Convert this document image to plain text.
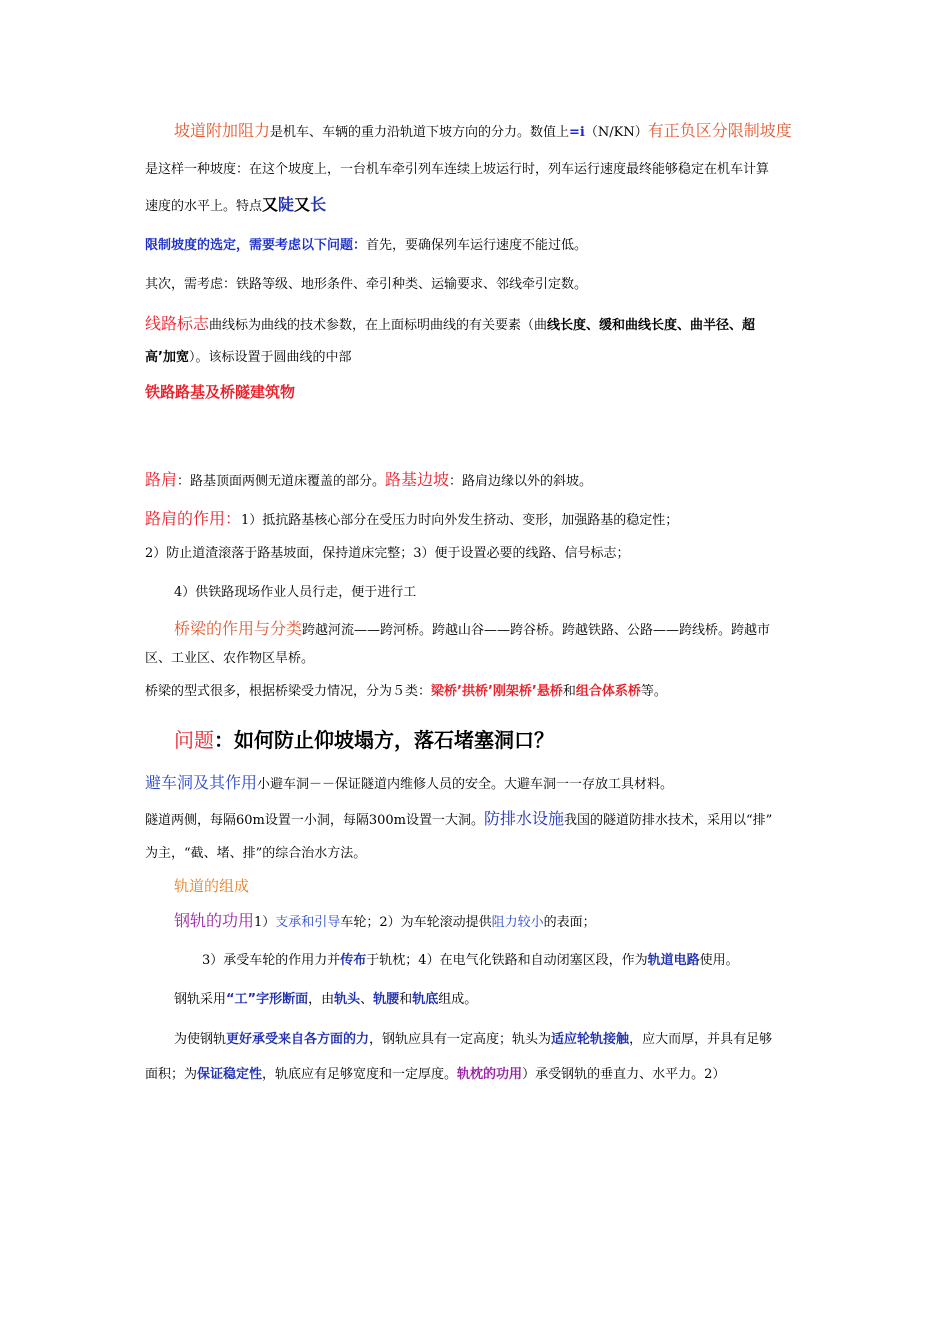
坡道附加阻力是机车、车辆的重力沿轨道下坡方向的分力。数值上=i（N/KN）有正负区分限制坡度
是这样一种坡度：在这个坡度上，一台机车牵引列车连续上坡运行时，列车运行速度最终能够稳定在机车计算
速度的水平上。特点又陡又长
限制坡度的选定，需要考虑以下问题：首先，要确保列车运行速度不能过低。
其次，需考虑：铁路等级、地形条件、牵引种类、运输要求、邻线牵引定数。
线路标志曲线标为曲线的技术参数，在上面标明曲线的有关要素（曲线长度、缓和曲线长度、曲半径、超
高’加宽）。该标设置于圆曲线的中部
铁路路基及桥隧建筑物
路肩：路基顶面两侧无道床覆盖的部分。路基边坡：路肩边缘以外的斜坡。
路肩的作用：1）抵抗路基核心部分在受压力时向外发生挤动、变形，加强路基的稳定性；
2）防止道渣滚落于路基坡面，保持道床完整；3）便于设置必要的线路、信号标志；
4）供铁路现场作业人员行走，便于进行工
桥梁的作用与分类跨越河流——跨河桥。跨越山谷——跨谷桥。跨越铁路、公路——跨线桥。跨越市
区、工业区、农作物区旱桥。
桥梁的型式很多，根据桥梁受力情况，分为５类：梁桥’拱桥’刚架桥’悬桥和组合体系桥等。
问题：如何防止仰坡塌方，落石堵塞洞口？
避车洞及其作用小避车洞－－保证隧道内维修人员的安全。大避车洞一一存放工具材料。
隧道两侧，每隔60m设置一小洞，每隔300m设置一大洞。防排水设施我国的隧道防排水技术，采用以“排”
为主，“截、堵、排”的综合治水方法。
轨道的组成
钢轨的功用1）支承和引导车轮；2）为车轮滚动提供阻力较小的表面；
3）承受车轮的作用力并传布于轨枕；4）在电气化铁路和自动闭塞区段，作为轨道电路使用。
钢轨采用“工”字形断面，由轨头、轨腰和轨底组成。
为使钢轨更好承受来自各方面的力，钢轨应具有一定高度；轨头为适应轮轨接触，应大而厚，并具有足够
面积；为保证稳定性，轨底应有足够宽度和一定厚度。轨枕的功用）承受钢轨的垂直力、水平力。2）
